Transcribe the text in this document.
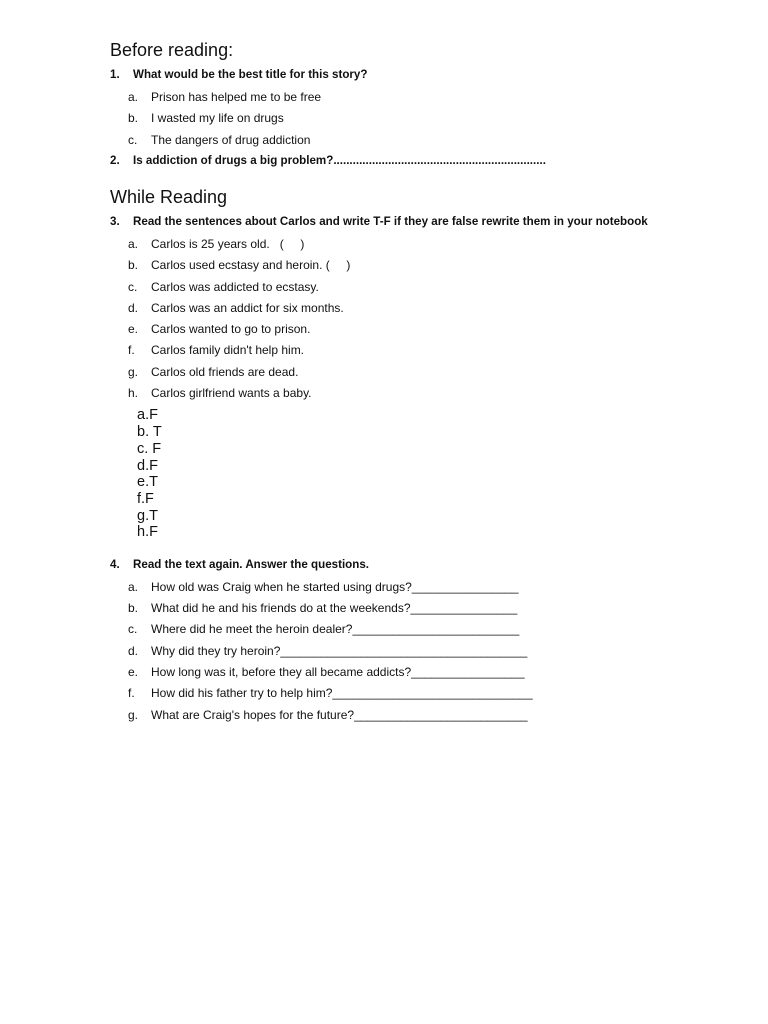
Before reading:
1. What would be the best title for this story?
a. Prison has helped me to be free
b. I wasted my life on drugs
c. The dangers of drug addiction
2. Is addiction of drugs a big problem?..................................................................
While Reading
3. Read the sentences about Carlos and write T-F if they are false rewrite them in your notebook
a. Carlos is 25 years old.   (     )
b. Carlos used ecstasy and heroin. (     )
c. Carlos was addicted to ecstasy.
d. Carlos was an addict for six months.
e. Carlos wanted to go to prison.
f. Carlos family didn't help him.
g. Carlos old friends are dead.
h. Carlos girlfriend wants a baby.
a.F
b. T
c. F
d.F
e.T
f.F
g.T
h.F
4. Read the text again. Answer the questions.
a. How old was Craig when he started using drugs?________________
b. What did he and his friends do at the weekends?________________
c. Where did he meet the heroin dealer?_________________________
d. Why did they try heroin?_____________________________________
e. How long was it, before they all became addicts?_________________
f. How did his father try to help him?______________________________
g. What are Craig's hopes for the future?__________________________
